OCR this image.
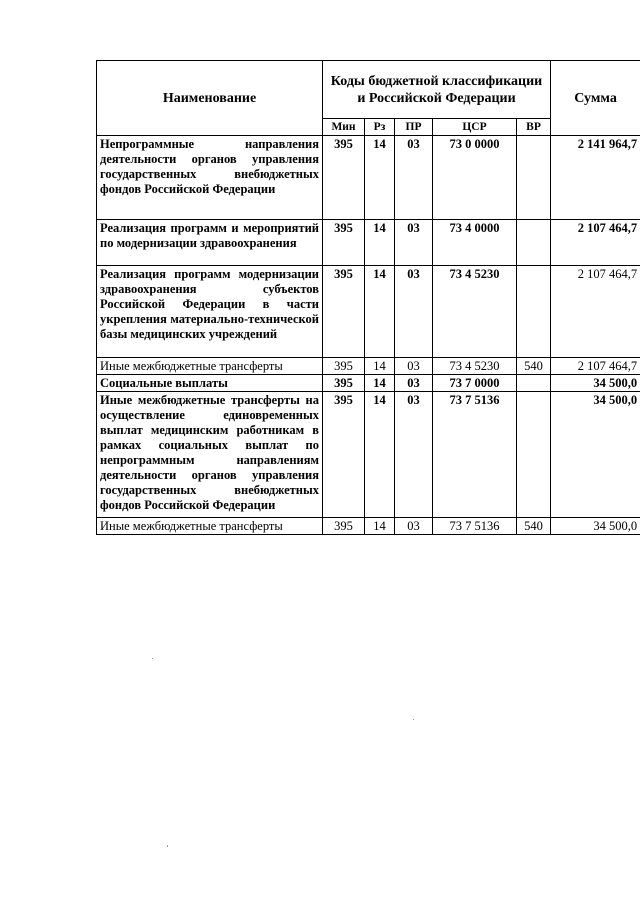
Наименование	Коды бюджетной классификации и Российской Федерации					Сумма
	Мин	Рз	ПР	ЦСР	ВР	
Непрограммные направления деятельности органов управления государственных внебюджетных фондов Российской Федерации	395	14	03	73 0 0000		2 141 964,7
Реализация программ и мероприятий по модернизации здравоохранения	395	14	03	73 4 0000		2 107 464,7
Реализация программ модернизации здравоохранения субъектов Российской Федерации в части укрепления материально-технической базы медицинских учреждений	395	14	03	73 4 5230		2 107 464,7
Иные межбюджетные трансферты	395	14	03	73 4 5230	540	2 107 464,7
Социальные выплаты	395	14	03	73 7 0000		34 500,0
Иные межбюджетные трансферты на осуществление единовременных выплат медицинским работникам в рамках социальных выплат по непрограммным направлениям деятельности органов управления государственных внебюджетных фондов Российской Федерации	395	14	03	73 7 5136		34 500,0
Иные межбюджетные трансферты	395	14	03	73 7 5136	540	34 500,0
